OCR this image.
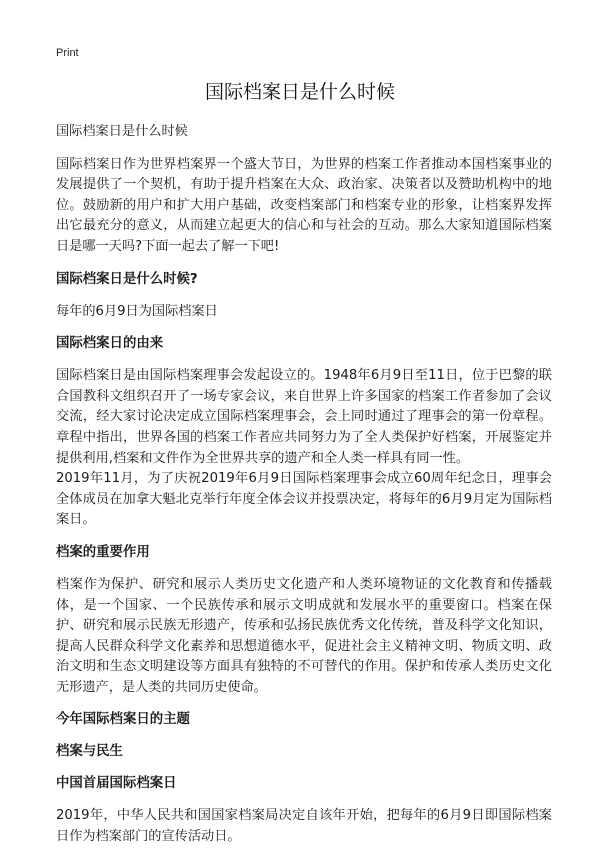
Print
国际档案日是什么时候

国际档案日是什么时候

国际档案日作为世界档案界一个盛大节日，为世界的档案工作者推动本国档案事业的发展提供了一个契机，有助于提升档案在大众、政治家、决策者以及赞助机构中的地位。鼓励新的用户和扩大用户基础，改变档案部门和档案专业的形象，让档案界发挥出它最充分的意义，从而建立起更大的信心和与社会的互动。那么大家知道国际档案日是哪一天吗?下面一起去了解一下吧!

国际档案日是什么时候?

每年的6月9日为国际档案日

国际档案日的由来

国际档案日是由国际档案理事会发起设立的。1948年6月9日至11日，位于巴黎的联合国教科文组织召开了一场专家会议，来自世界上许多国家的档案工作者参加了会议交流，经大家讨论决定成立国际档案理事会，会上同时通过了理事会的第一份章程。章程中指出，世界各国的档案工作者应共同努力为了全人类保护好档案，开展鉴定并提供利用,档案和文件作为全世界共享的遗产和全人类一样具有同一性。

2019年11月，为了庆祝2019年6月9日国际档案理事会成立60周年纪念日，理事会全体成员在加拿大魁北克举行年度全体会议并投票决定，将每年的6月9月定为国际档案日。

档案的重要作用

档案作为保护、研究和展示人类历史文化遗产和人类环境物证的文化教育和传播载体，是一个国家、一个民族传承和展示文明成就和发展水平的重要窗口。档案在保护、研究和展示民族无形遗产，传承和弘扬民族优秀文化传统，普及科学文化知识，提高人民群众科学文化素养和思想道德水平，促进社会主义精神文明、物质文明、政治文明和生态文明建设等方面具有独特的不可替代的作用。保护和传承人类历史文化无形遗产，是人类的共同历史使命。

今年国际档案日的主题

档案与民生

中国首届国际档案日

2019年，中华人民共和国国家档案局决定自该年开始，把每年的6月9日即国际档案日作为档案部门的宣传活动日。
